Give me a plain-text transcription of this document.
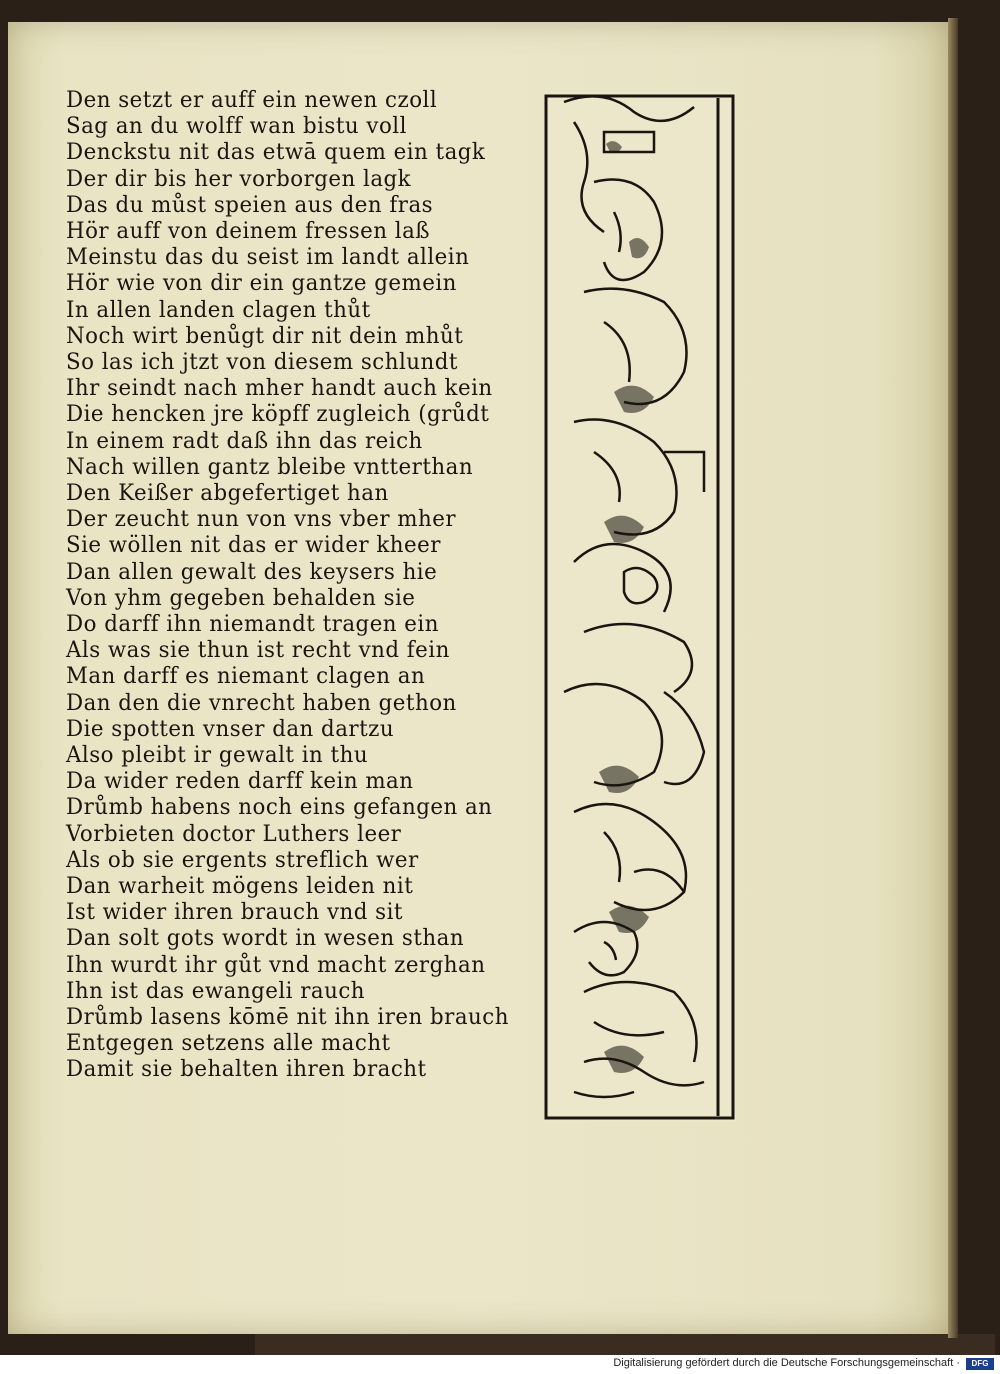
Den setzt er auff ein newen czoll
Sag an du wolff wan bistu voll
Denckstu nit das etwā quem ein tagk
Der dir bis her vorborgen lagk
Das du můst speien aus den fras
Hör auff von deinem fressen laß
Meinstu das du seist im landt allein
Hör wie von dir ein gantze gemein
In allen landen clagen thůt
Noch wirt benůgt dir nit dein mhůt
So las ich jtzt von diesem schlundt
Ihr seindt nach mher handt auch kein
Die hencken jre köpff zugleich (grůdt
In einem radt daß ihn das reich
Nach willen gantz bleibe vntterthan
Den Keißer abgefertiget han
Der zeucht nun von vns vber mher
Sie wöllen nit das er wider kheer
Dan allen gewalt des keysers hie
Von yhm gegeben behalden sie
Do darff ihn niemandt tragen ein
Als was sie thun ist recht vnd fein
Man darff es niemant clagen an
Dan den die vnrecht haben gethon
Die spotten vnser dan dartzu
Also pleibt ir gewalt in thu
Da wider reden darff kein man
Drůmb habens noch eins gefangen an
Vorbieten doctor Luthers leer
Als ob sie ergents streflich wer
Dan warheit mögens leiden nit
Ist wider ihren brauch vnd sit
Dan solt gots wordt in wesen sthan
Ihn wurdt ihr gůt vnd macht zerghan
Ihn ist das ewangeli rauch
Drůmb lasens kōmē nit ihn iren brauch
Entgegen setzens alle macht
Damit sie behalten ihren bracht
Digitalisierung gefördert durch die Deutsche Forschungsgemeinschaft ·	DFG
